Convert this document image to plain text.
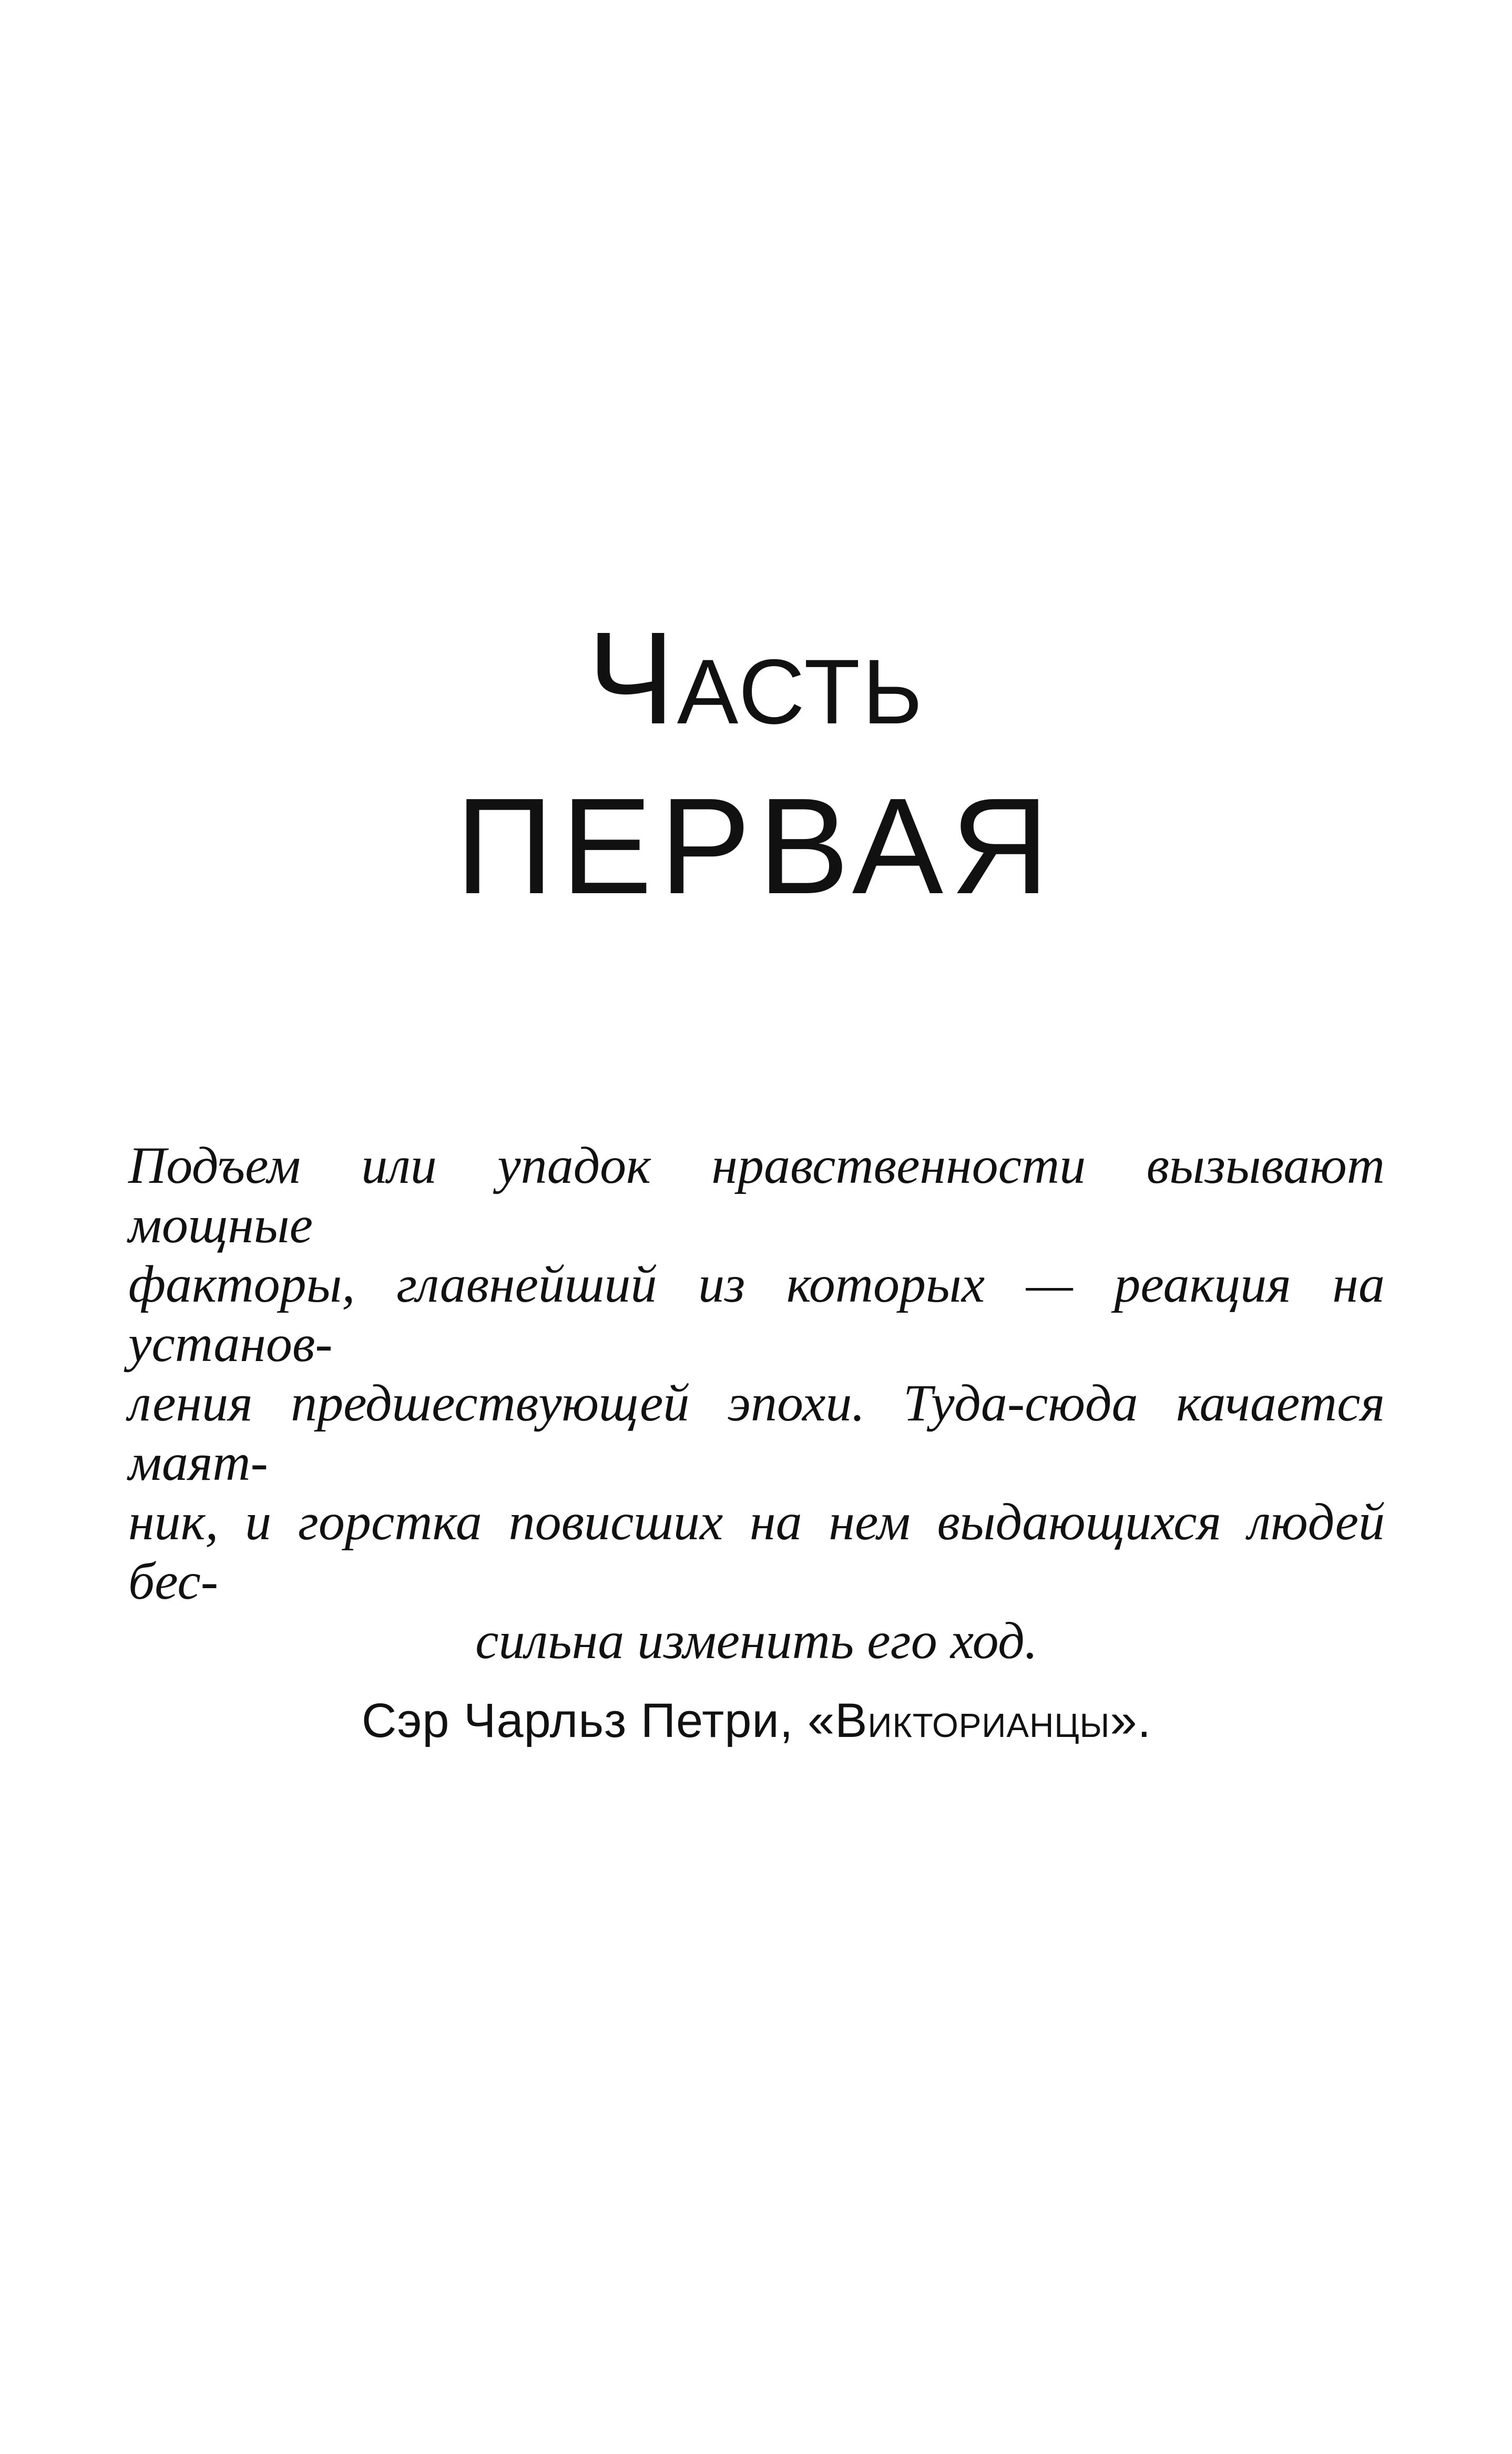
Часть
ПЕРВАЯ

Подъем или упадок нравственности вызывают мощные
факторы, главнейший из которых — реакция на установ-
ления предшествующей эпохи. Туда-сюда качается маят-
ник, и горстка повисших на нем выдающихся людей бес-
сильна изменить его ход.

Сэр Чарльз Петри, «Викторианцы».
